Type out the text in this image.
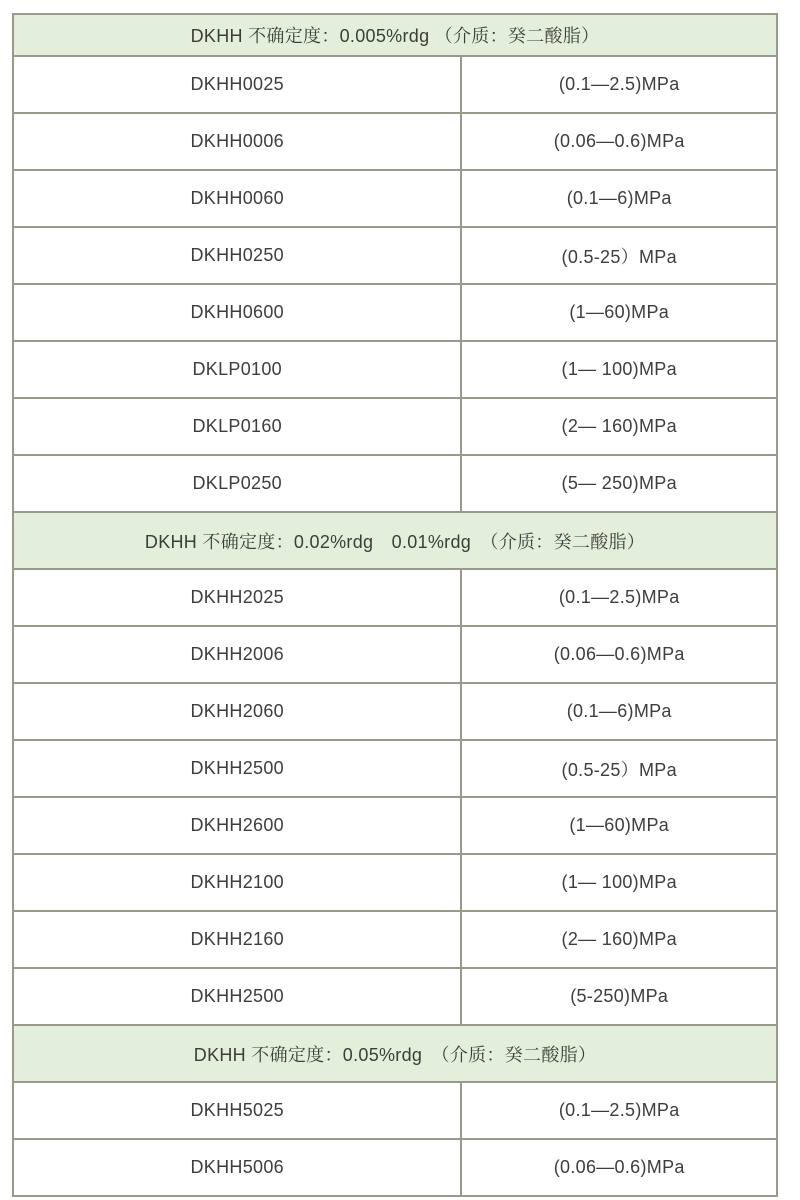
DKHH 不确定度：0.005%rdg （介质：癸二酸脂）	
DKHH0025	(0.1—2.5)MPa
DKHH0006	(0.06—0.6)MPa
DKHH0060	(0.1—6)MPa
DKHH0250	(0.5-25）MPa
DKHH0600	(1—60)MPa
DKLP0100	(1— 100)MPa
DKLP0160	(2— 160)MPa
DKLP0250	(5— 250)MPa
DKHH 不确定度：0.02%rdg　0.01%rdg　（介质：癸二酸脂）	
DKHH2025	(0.1—2.5)MPa
DKHH2006	(0.06—0.6)MPa
DKHH2060	(0.1—6)MPa
DKHH2500	(0.5-25）MPa
DKHH2600	(1—60)MPa
DKHH2100	(1— 100)MPa
DKHH2160	(2— 160)MPa
DKHH2500	(5-250)MPa
DKHH 不确定度：0.05%rdg　（介质：癸二酸脂）	
DKHH5025	(0.1—2.5)MPa
DKHH5006	(0.06—0.6)MPa
